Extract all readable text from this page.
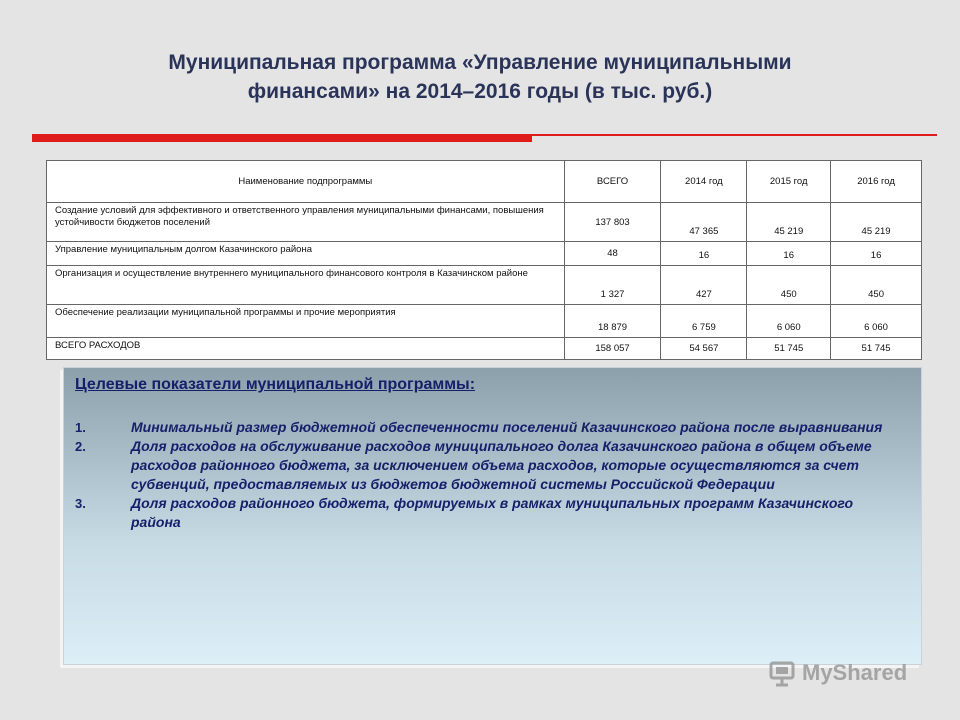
Муниципальная программа «Управление муниципальными
финансами» на 2014–2016 годы (в тыс. руб.)
Наименование подпрограммы	ВСЕГО	2014 год	2015 год	2016 год
Создание условий для эффективного и ответственного управления муниципальными финансами, повышения устойчивости бюджетов поселений	137 803	47 365	45 219	45 219
Управление муниципальным долгом Казачинского района	48	16	16	16
Организация и осуществление внутреннего муниципального финансового контроля в Казачинском районе	1 327	427	450	450
Обеспечение реализации муниципальной программы и прочие мероприятия	18 879	6 759	6 060	6 060
ВСЕГО РАСХОДОВ	158 057	54 567	51 745	51 745
Целевые показатели муниципальной программы:
1.	Минимальный размер бюджетной обеспеченности поселений Казачинского района после выравнивания
2.	Доля расходов на обслуживание расходов муниципального долга Казачинского района в общем объеме расходов районного бюджета, за исключением объема расходов, которые осуществляются за счет субвенций, предоставляемых из бюджетов бюджетной системы Российской Федерации
3.	Доля расходов районного бюджета, формируемых в рамках муниципальных программ Казачинского района
MyShared
